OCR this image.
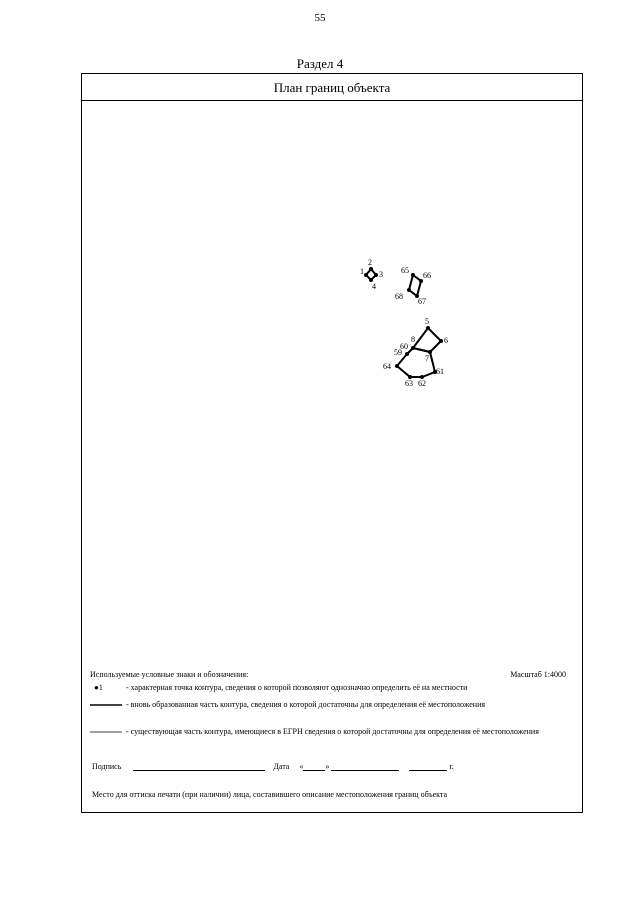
55
Раздел 4
План границ объекта
1
2
3
4
65
66
67
68
5
6
7
8
59
60
61
62
63
64
Используемые условные знаки и обозначения:	Масштаб 1:4000
●1	- характерная точка контура, сведения о которой позволяют однозначно определить её на местности
- вновь образованная часть контура, сведения о которой достаточны для определения её местоположения
- существующая часть контура, имеющиеся в ЕГРН сведения о которой достаточны для определения её местоположения
Подпись	Дата «	»	г.
Место для оттиска печати (при наличии) лица, составившего описание местоположения границ объекта
